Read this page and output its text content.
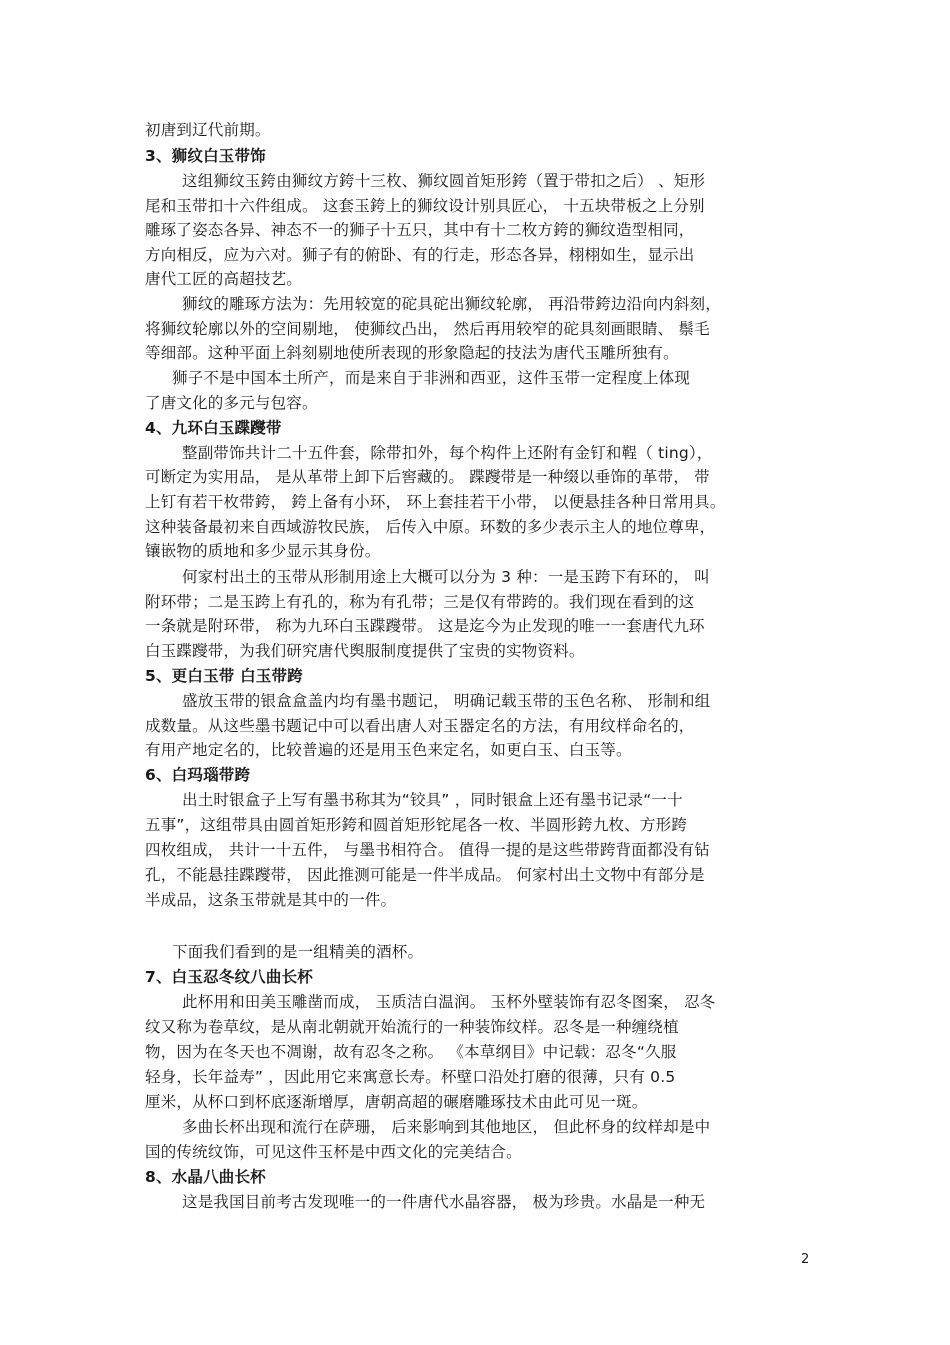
初唐到辽代前期。
3、狮纹白玉带饰
这组狮纹玉銙由狮纹方銙十三枚、狮纹圆首矩形銙（置于带扣之后） 、矩形
尾和玉带扣十六件组成。 这套玉銙上的狮纹设计别具匠心， 十五块带板之上分别
雕琢了姿态各异、神态不一的狮子十五只，其中有十二枚方銙的狮纹造型相同，
方向相反，应为六对。狮子有的俯卧、有的行走，形态各异，栩栩如生，显示出
唐代工匠的高超技艺。
狮纹的雕琢方法为：先用较宽的砣具砣出狮纹轮廓， 再沿带銙边沿向内斜刻，
将狮纹轮廓以外的空间剔地， 使狮纹凸出， 然后再用较窄的砣具刻画眼睛、 鬃毛
等细部。这种平面上斜刻剔地使所表现的形象隐起的技法为唐代玉雕所独有。
狮子不是中国本土所产，而是来自于非洲和西亚，这件玉带一定程度上体现
了唐文化的多元与包容。
4、九环白玉蹀躞带
整副带饰共计二十五件套，除带扣外，每个构件上还附有金钉和鞓（ ting），
可断定为实用品， 是从革带上卸下后窖藏的。 蹀躞带是一种缀以垂饰的革带， 带
上钉有若干枚带銙， 銙上备有小环， 环上套挂若干小带， 以便悬挂各种日常用具。
这种装备最初来自西域游牧民族， 后传入中原。环数的多少表示主人的地位尊卑，
镶嵌物的质地和多少显示其身份。
何家村出土的玉带从形制用途上大概可以分为 3 种：一是玉跨下有环的， 叫
附环带；二是玉跨上有孔的，称为有孔带；三是仅有带跨的。我们现在看到的这
一条就是附环带， 称为九环白玉蹀躞带。 这是迄今为止发现的唯一一套唐代九环
白玉蹀躞带，为我们研究唐代舆服制度提供了宝贵的实物资料。
5、更白玉带 白玉带跨
盛放玉带的银盒盒盖内均有墨书题记， 明确记载玉带的玉色名称、 形制和组
成数量。从这些墨书题记中可以看出唐人对玉器定名的方法，有用纹样命名的，
有用产地定名的，比较普遍的还是用玉色来定名，如更白玉、白玉等。
6、白玛瑙带跨
出土时银盒子上写有墨书称其为“铰具” ，同时银盒上还有墨书记录“一十
五事”，这组带具由圆首矩形銙和圆首矩形铊尾各一枚、半圆形銙九枚、方形跨
四枚组成， 共计一十五件， 与墨书相符合。 值得一提的是这些带跨背面都没有钻
孔，不能悬挂蹀躞带， 因此推测可能是一件半成品。 何家村出土文物中有部分是
半成品，这条玉带就是其中的一件。
下面我们看到的是一组精美的酒杯。
7、白玉忍冬纹八曲长杯
此杯用和田美玉雕凿而成， 玉质洁白温润。 玉杯外壁装饰有忍冬图案， 忍冬
纹又称为卷草纹，是从南北朝就开始流行的一种装饰纹样。忍冬是一种缠绕植
物，因为在冬天也不凋谢，故有忍冬之称。 《本草纲目》中记载：忍冬“久服
轻身，长年益寿” ，因此用它来寓意长寿。杯壁口沿处打磨的很薄，只有 0.5
厘米，从杯口到杯底逐渐增厚，唐朝高超的碾磨雕琢技术由此可见一斑。
多曲长杯出现和流行在萨珊， 后来影响到其他地区， 但此杯身的纹样却是中
国的传统纹饰，可见这件玉杯是中西文化的完美结合。
8、水晶八曲长杯
这是我国目前考古发现唯一的一件唐代水晶容器， 极为珍贵。水晶是一种无
2
